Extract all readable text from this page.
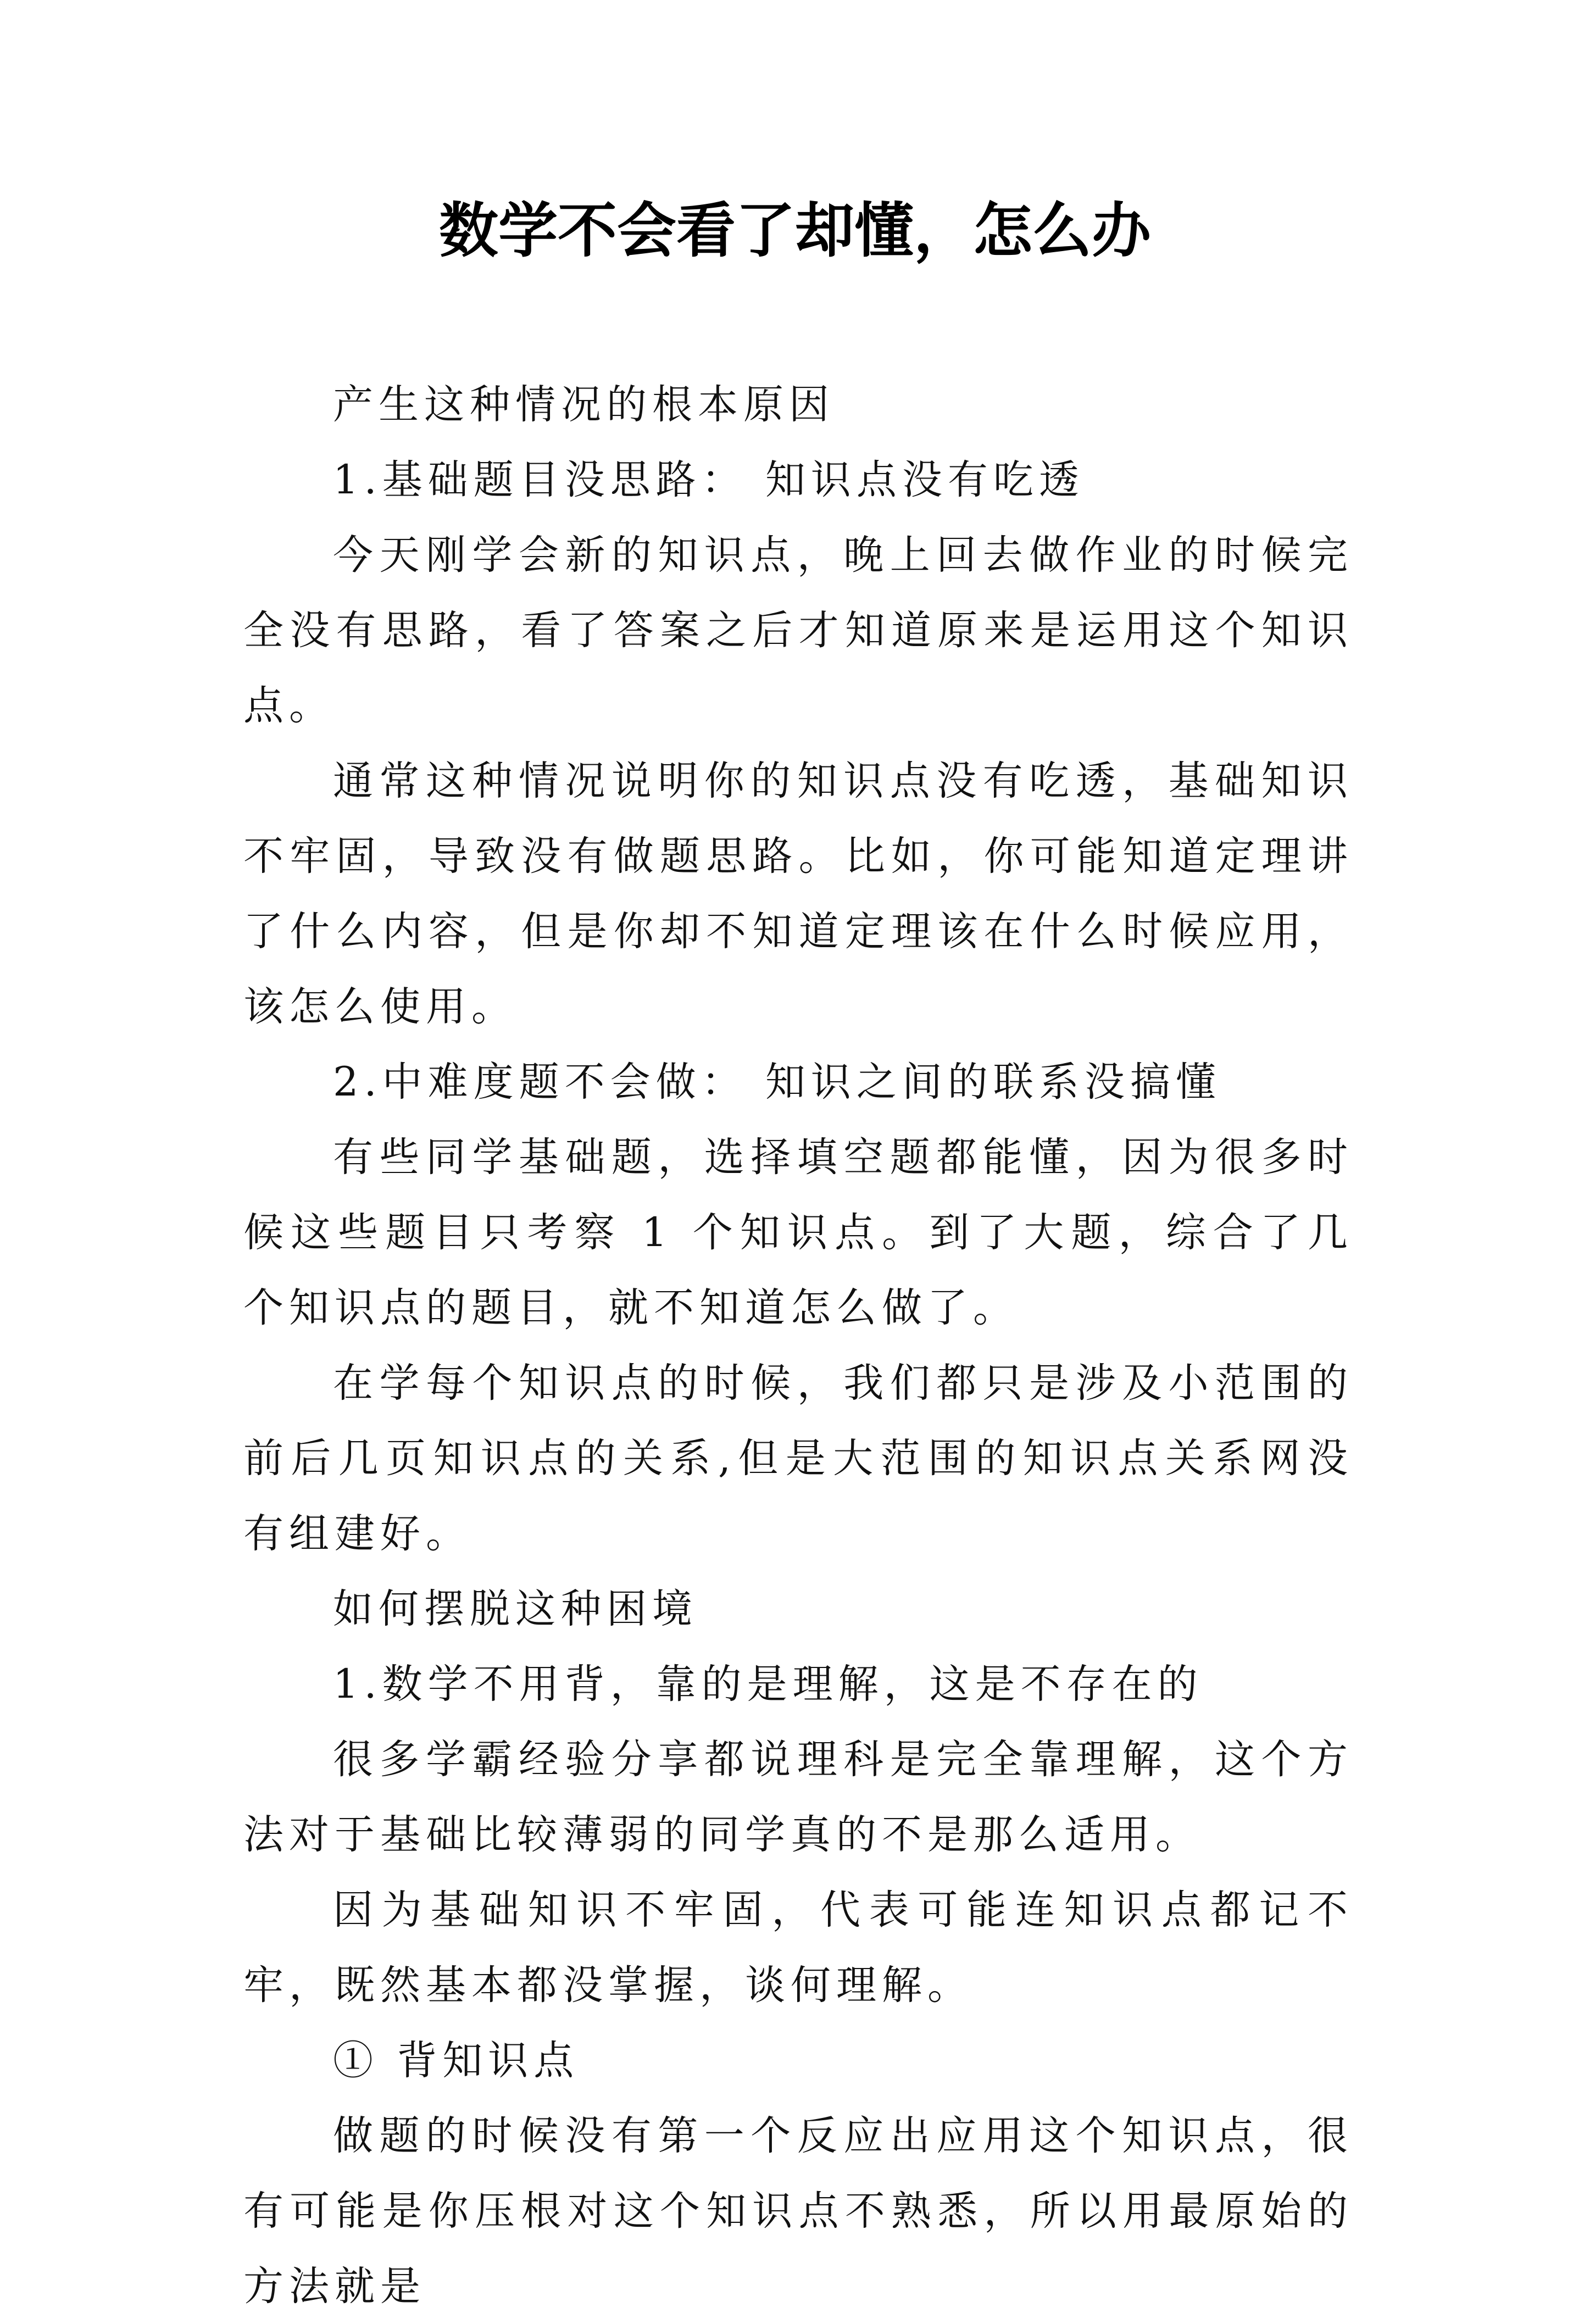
数学不会看了却懂，怎么办

产生这种情况的根本原因

1.基础题目没思路： 知识点没有吃透

今天刚学会新的知识点，晚上回去做作业的时候完全没有思路，看了答案之后才知道原来是运用这个知识点。

通常这种情况说明你的知识点没有吃透，基础知识不牢固，导致没有做题思路。比如，你可能知道定理讲了什么内容，但是你却不知道定理该在什么时候应用，该怎么使用。

2.中难度题不会做： 知识之间的联系没搞懂

有些同学基础题，选择填空题都能懂，因为很多时候这些题目只考察 1 个知识点。到了大题，综合了几个知识点的题目，就不知道怎么做了。

在学每个知识点的时候，我们都只是涉及小范围的前后几页知识点的关系,但是大范围的知识点关系网没有组建好。

如何摆脱这种困境

1.数学不用背，靠的是理解，这是不存在的

很多学霸经验分享都说理科是完全靠理解，这个方法对于基础比较薄弱的同学真的不是那么适用。

因为基础知识不牢固，代表可能连知识点都记不牢，既然基本都没掌握，谈何理解。

① 背知识点

做题的时候没有第一个反应出应用这个知识点，很有可能是你压根对这个知识点不熟悉，所以用最原始的方法就是
